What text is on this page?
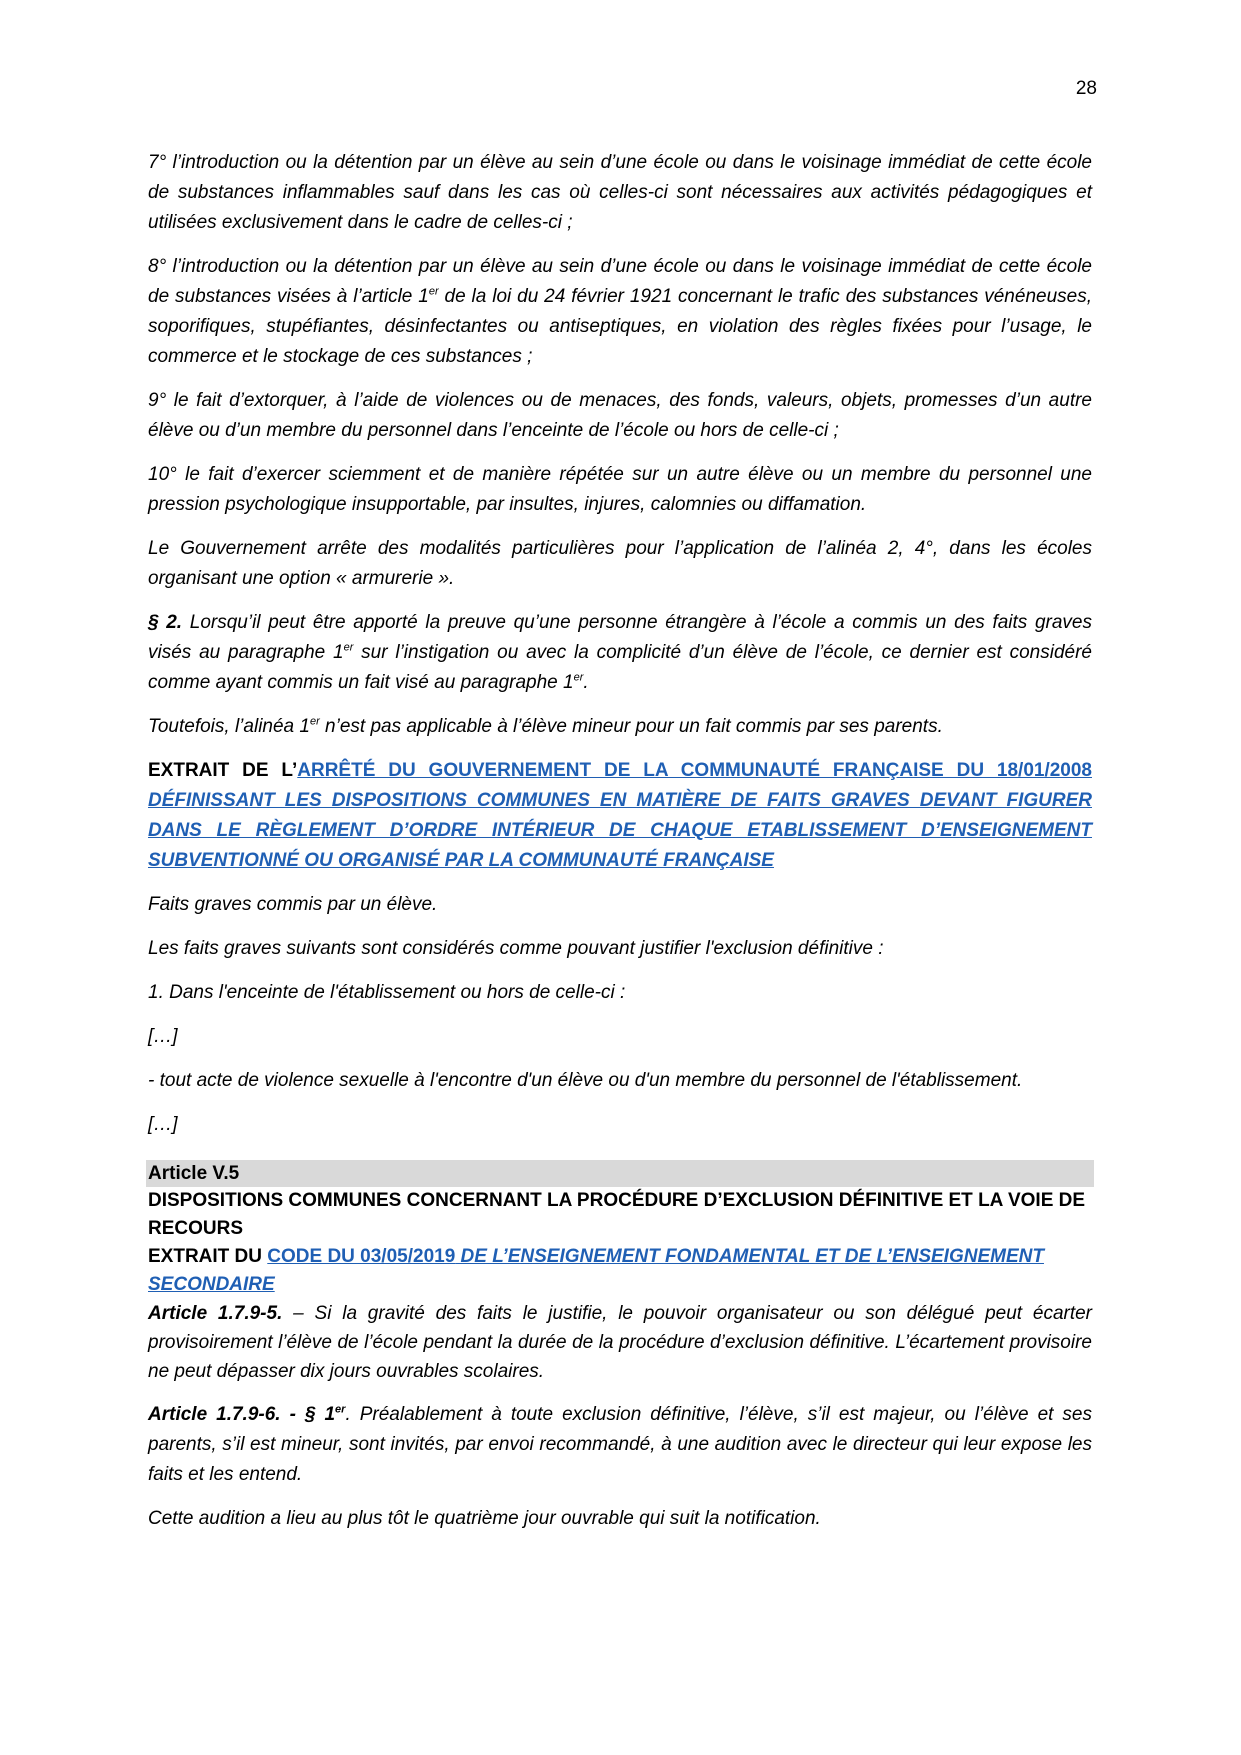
28

7° l’introduction ou la détention par un élève au sein d’une école ou dans le voisinage immédiat de cette école de substances inflammables sauf dans les cas où celles-ci sont nécessaires aux activités pédagogiques et utilisées exclusivement dans le cadre de celles-ci ;

8° l’introduction ou la détention par un élève au sein d’une école ou dans le voisinage immédiat de cette école de substances visées à l’article 1er de la loi du 24 février 1921 concernant le trafic des substances vénéneuses, soporifiques, stupéfiantes, désinfectantes ou antiseptiques, en violation des règles fixées pour l’usage, le commerce et le stockage de ces substances ;

9° le fait d’extorquer, à l’aide de violences ou de menaces, des fonds, valeurs, objets, promesses d’un autre élève ou d’un membre du personnel dans l’enceinte de l’école ou hors de celle-ci ;

10° le fait d’exercer sciemment et de manière répétée sur un autre élève ou un membre du personnel une pression psychologique insupportable, par insultes, injures, calomnies ou diffamation.

Le Gouvernement arrête des modalités particulières pour l’application de l’alinéa 2, 4°, dans les écoles organisant une option « armurerie ».

§ 2. Lorsqu’il peut être apporté la preuve qu’une personne étrangère à l’école a commis un des faits graves visés au paragraphe 1er sur l’instigation ou avec la complicité d’un élève de l’école, ce dernier est considéré comme ayant commis un fait visé au paragraphe 1er.

Toutefois, l’alinéa 1er n’est pas applicable à l’élève mineur pour un fait commis par ses parents.

EXTRAIT DE L’ARRÊTÉ DU GOUVERNEMENT DE LA COMMUNAUTÉ FRANÇAISE DU 18/01/2008 DÉFINISSANT LES DISPOSITIONS COMMUNES EN MATIÈRE DE FAITS GRAVES DEVANT FIGURER DANS LE RÈGLEMENT D’ORDRE INTÉRIEUR DE CHAQUE ETABLISSEMENT D’ENSEIGNEMENT SUBVENTIONNÉ OU ORGANISÉ PAR LA COMMUNAUTÉ FRANÇAISE

Faits graves commis par un élève.

Les faits graves suivants sont considérés comme pouvant justifier l'exclusion définitive :

1. Dans l'enceinte de l'établissement ou hors de celle-ci :

[…]

- tout acte de violence sexuelle à l'encontre d'un élève ou d'un membre du personnel de l'établissement.

[…]

Article V.5

DISPOSITIONS COMMUNES CONCERNANT LA PROCÉDURE D’EXCLUSION DÉFINITIVE ET LA VOIE DE RECOURS

EXTRAIT DU CODE DU 03/05/2019 DE L’ENSEIGNEMENT FONDAMENTAL ET DE L’ENSEIGNEMENT SECONDAIRE

Article 1.7.9-5. – Si la gravité des faits le justifie, le pouvoir organisateur ou son délégué peut écarter provisoirement l’élève de l’école pendant la durée de la procédure d’exclusion définitive. L’écartement provisoire ne peut dépasser dix jours ouvrables scolaires.

Article 1.7.9-6. - § 1er. Préalablement à toute exclusion définitive, l’élève, s’il est majeur, ou l’élève et ses parents, s’il est mineur, sont invités, par envoi recommandé, à une audition avec le directeur qui leur expose les faits et les entend.

Cette audition a lieu au plus tôt le quatrième jour ouvrable qui suit la notification.
